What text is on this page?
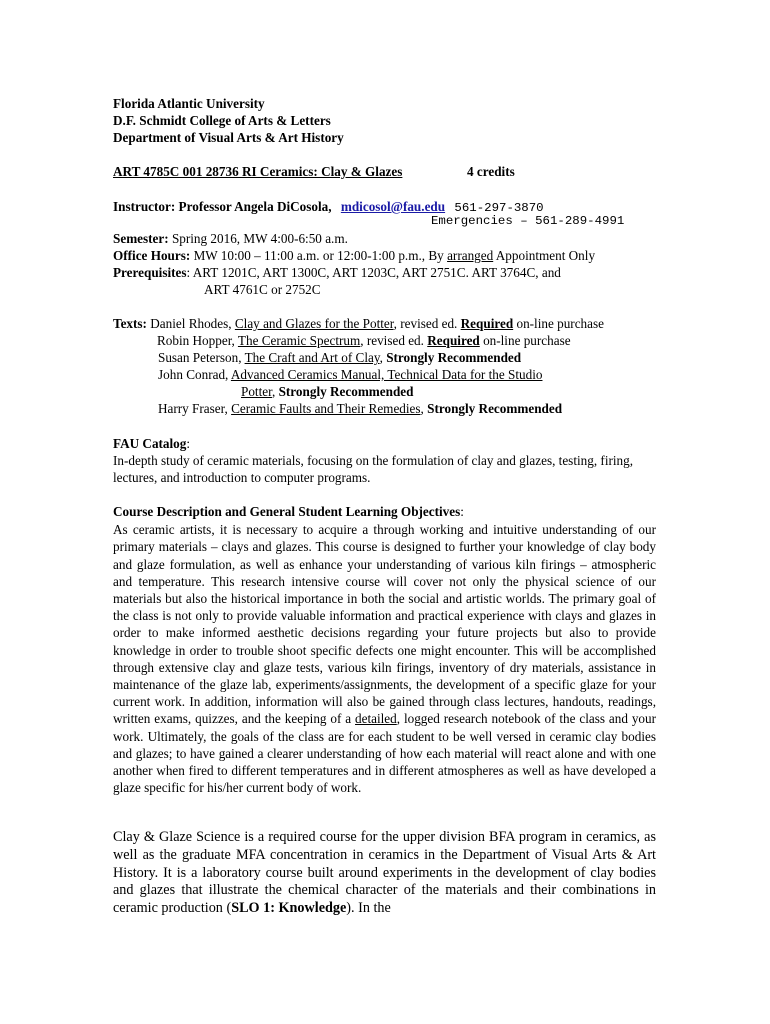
Florida Atlantic University
D.F. Schmidt College of Arts & Letters
Department of Visual Arts & Art History
ART 4785C 001 28736 RI Ceramics: Clay & Glazes	4 credits
Instructor: Professor Angela DiCosola, mdicosol@fau.edu 561-297-3870
Emergencies – 561-289-4991
Semester: Spring 2016, MW 4:00-6:50 a.m.
Office Hours: MW 10:00 – 11:00 a.m. or 12:00-1:00 p.m., By arranged Appointment Only
Prerequisites: ART 1201C, ART 1300C, ART 1203C, ART 2751C. ART 3764C, and
ART 4761C or 2752C
Texts: Daniel Rhodes, Clay and Glazes for the Potter, revised ed. Required on-line purchase
Robin Hopper, The Ceramic Spectrum, revised ed. Required on-line purchase
Susan Peterson, The Craft and Art of Clay, Strongly Recommended
John Conrad, Advanced Ceramics Manual, Technical Data for the Studio
Potter, Strongly Recommended
Harry Fraser, Ceramic Faults and Their Remedies, Strongly Recommended
FAU Catalog:

In-depth study of ceramic materials, focusing on the formulation of clay and glazes, testing, firing, lectures, and introduction to computer programs.

Course Description and General Student Learning Objectives:

As ceramic artists, it is necessary to acquire a through working and intuitive understanding of our primary materials – clays and glazes. This course is designed to further your knowledge of clay body and glaze formulation, as well as enhance your understanding of various kiln firings – atmospheric and temperature. This research intensive course will cover not only the physical science of our materials but also the historical importance in both the social and artistic worlds. The primary goal of the class is not only to provide valuable information and practical experience with clays and glazes in order to make informed aesthetic decisions regarding your future projects but also to provide knowledge in order to trouble shoot specific defects one might encounter. This will be accomplished through extensive clay and glaze tests, various kiln firings, inventory of dry materials, assistance in maintenance of the glaze lab, experiments/assignments, the development of a specific glaze for your current work. In addition, information will also be gained through class lectures, handouts, readings, written exams, quizzes, and the keeping of a detailed, logged research notebook of the class and your work. Ultimately, the goals of the class are for each student to be well versed in ceramic clay bodies and glazes; to have gained a clearer understanding of how each material will react alone and with one another when fired to different temperatures and in different atmospheres as well as have developed a glaze specific for his/her current body of work.

Clay & Glaze Science is a required course for the upper division BFA program in ceramics, as well as the graduate MFA concentration in ceramics in the Department of Visual Arts & Art History. It is a laboratory course built around experiments in the development of clay bodies and glazes that illustrate the chemical character of the materials and their combinations in ceramic production (SLO 1: Knowledge). In the
